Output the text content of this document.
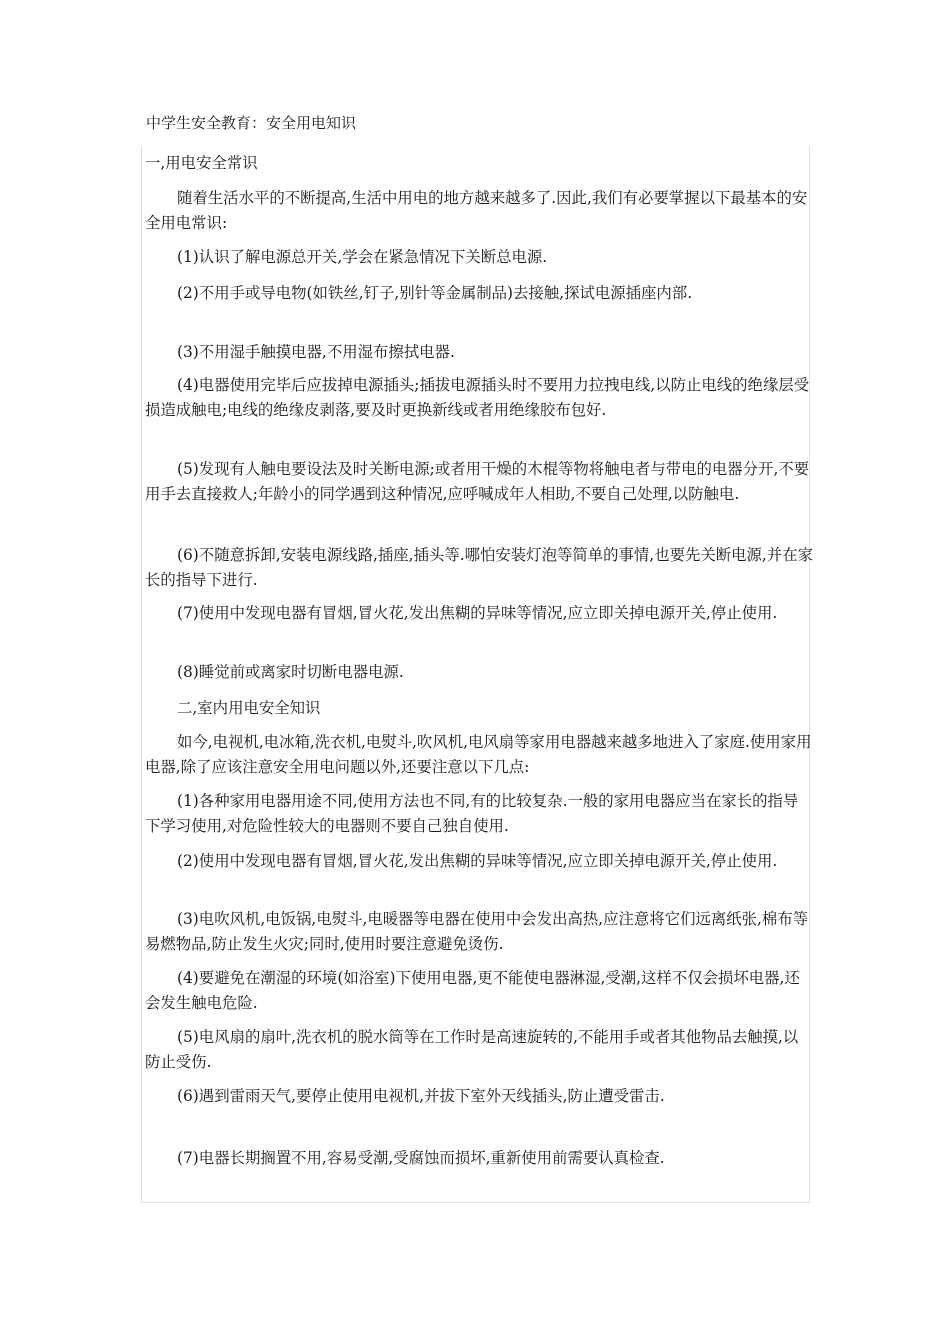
中学生安全教育：安全用电知识

一,用电安全常识

随着生活水平的不断提高,生活中用电的地方越来越多了.因此,我们有必要掌握以下最基本的安全用电常识:

(1)认识了解电源总开关,学会在紧急情况下关断总电源.

(2)不用手或导电物(如铁丝,钉子,别针等金属制品)去接触,探试电源插座内部.

(3)不用湿手触摸电器,不用湿布擦拭电器.

(4)电器使用完毕后应拔掉电源插头;插拔电源插头时不要用力拉拽电线,以防止电线的绝缘层受损造成触电;电线的绝缘皮剥落,要及时更换新线或者用绝缘胶布包好.

(5)发现有人触电要设法及时关断电源;或者用干燥的木棍等物将触电者与带电的电器分开,不要用手去直接救人;年龄小的同学遇到这种情况,应呼喊成年人相助,不要自己处理,以防触电.

(6)不随意拆卸,安装电源线路,插座,插头等.哪怕安装灯泡等简单的事情,也要先关断电源,并在家长的指导下进行.

(7)使用中发现电器有冒烟,冒火花,发出焦糊的异味等情况,应立即关掉电源开关,停止使用.

(8)睡觉前或离家时切断电器电源.

二,室内用电安全知识

如今,电视机,电冰箱,洗衣机,电熨斗,吹风机,电风扇等家用电器越来越多地进入了家庭.使用家用电器,除了应该注意安全用电问题以外,还要注意以下几点:

(1)各种家用电器用途不同,使用方法也不同,有的比较复杂.一般的家用电器应当在家长的指导下学习使用,对危险性较大的电器则不要自己独自使用.

(2)使用中发现电器有冒烟,冒火花,发出焦糊的异味等情况,应立即关掉电源开关,停止使用.

(3)电吹风机,电饭锅,电熨斗,电暖器等电器在使用中会发出高热,应注意将它们远离纸张,棉布等易燃物品,防止发生火灾;同时,使用时要注意避免烫伤.

(4)要避免在潮湿的环境(如浴室)下使用电器,更不能使电器淋湿,受潮,这样不仅会损坏电器,还会发生触电危险.

(5)电风扇的扇叶,洗衣机的脱水筒等在工作时是高速旋转的,不能用手或者其他物品去触摸,以防止受伤.

(6)遇到雷雨天气,要停止使用电视机,并拔下室外天线插头,防止遭受雷击.

(7)电器长期搁置不用,容易受潮,受腐蚀而损坏,重新使用前需要认真检查.
